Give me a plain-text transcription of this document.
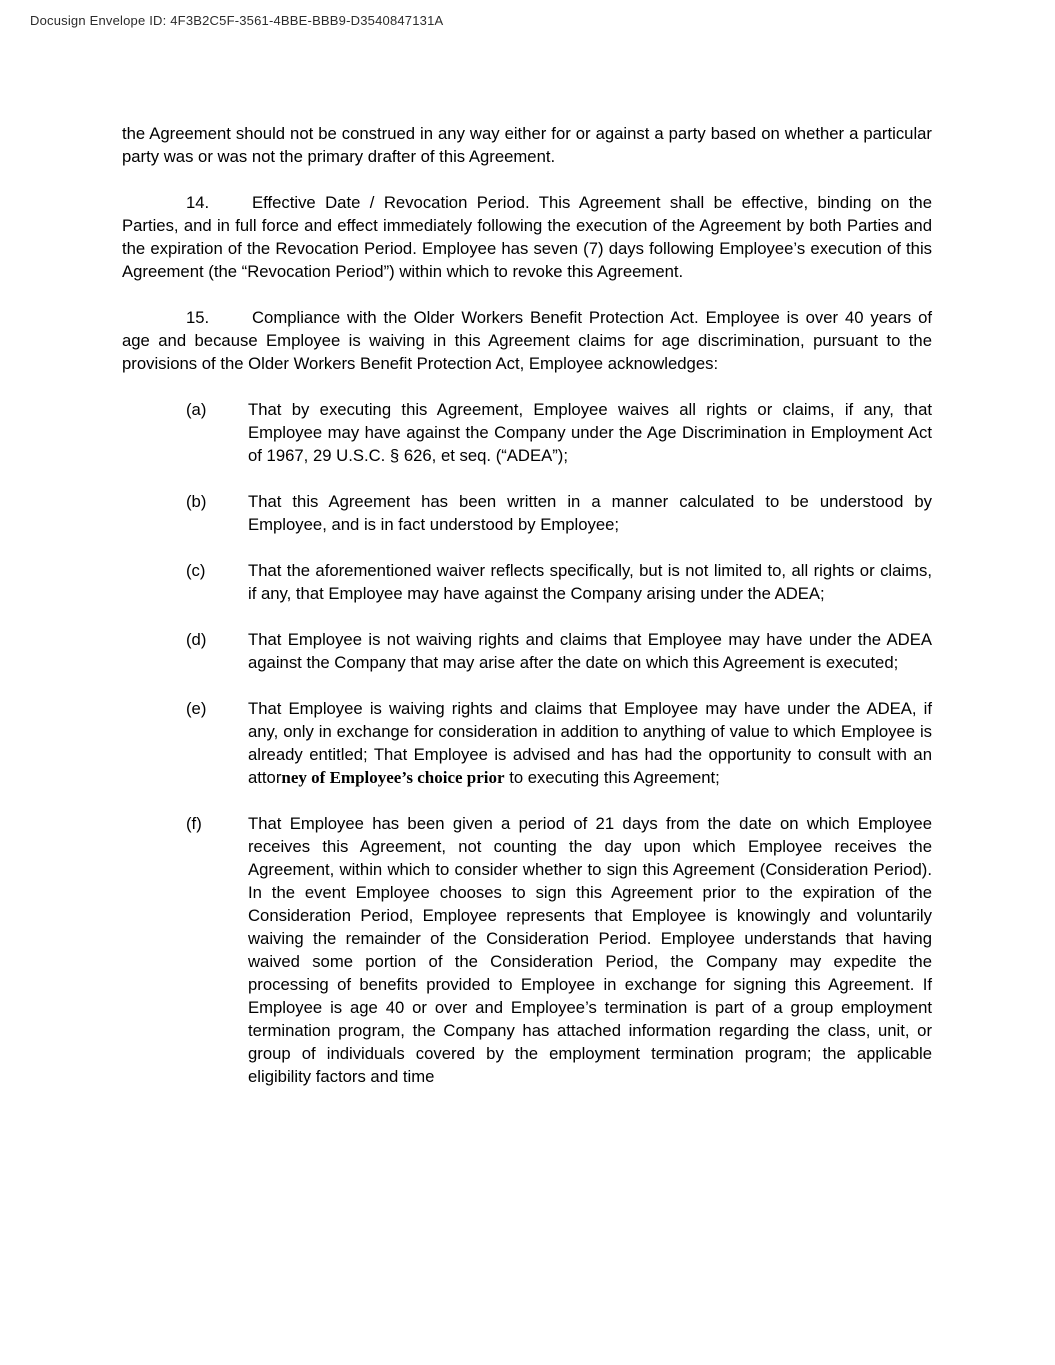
Docusign Envelope ID: 4F3B2C5F-3561-4BBE-BBB9-D3540847131A

the Agreement should not be construed in any way either for or against a party based on whether a particular party was or was not the primary drafter of this Agreement.

14.	Effective Date / Revocation Period. This Agreement shall be effective, binding on the Parties, and in full force and effect immediately following the execution of the Agreement by both Parties and the expiration of the Revocation Period. Employee has seven (7) days following Employee’s execution of this Agreement (the “Revocation Period”) within which to revoke this Agreement.

15.	Compliance with the Older Workers Benefit Protection Act. Employee is over 40 years of age and because Employee is waiving in this Agreement claims for age discrimination, pursuant to the provisions of the Older Workers Benefit Protection Act, Employee acknowledges:

(a)	That by executing this Agreement, Employee waives all rights or claims, if any, that Employee may have against the Company under the Age Discrimination in Employment Act of 1967, 29 U.S.C. § 626, et seq. (“ADEA”);
(b)	That this Agreement has been written in a manner calculated to be understood by Employee, and is in fact understood by Employee;
(c)	That the aforementioned waiver reflects specifically, but is not limited to, all rights or claims, if any, that Employee may have against the Company arising under the ADEA;
(d)	That Employee is not waiving rights and claims that Employee may have under the ADEA against the Company that may arise after the date on which this Agreement is executed;
(e)	That Employee is waiving rights and claims that Employee may have under the ADEA, if any, only in exchange for consideration in addition to anything of value to which Employee is already entitled; That Employee is advised and has had the opportunity to consult with an attorney of Employee’s choice prior to executing this Agreement;
(f)	That Employee has been given a period of 21 days from the date on which Employee receives this Agreement, not counting the day upon which Employee receives the Agreement, within which to consider whether to sign this Agreement (Consideration Period). In the event Employee chooses to sign this Agreement prior to the expiration of the Consideration Period, Employee represents that Employee is knowingly and voluntarily waiving the remainder of the Consideration Period. Employee understands that having waived some portion of the Consideration Period, the Company may expedite the processing of benefits provided to Employee in exchange for signing this Agreement. If Employee is age 40 or over and Employee’s termination is part of a group employment termination program, the Company has attached information regarding the class, unit, or group of individuals covered by the employment termination program; the applicable eligibility factors and time
